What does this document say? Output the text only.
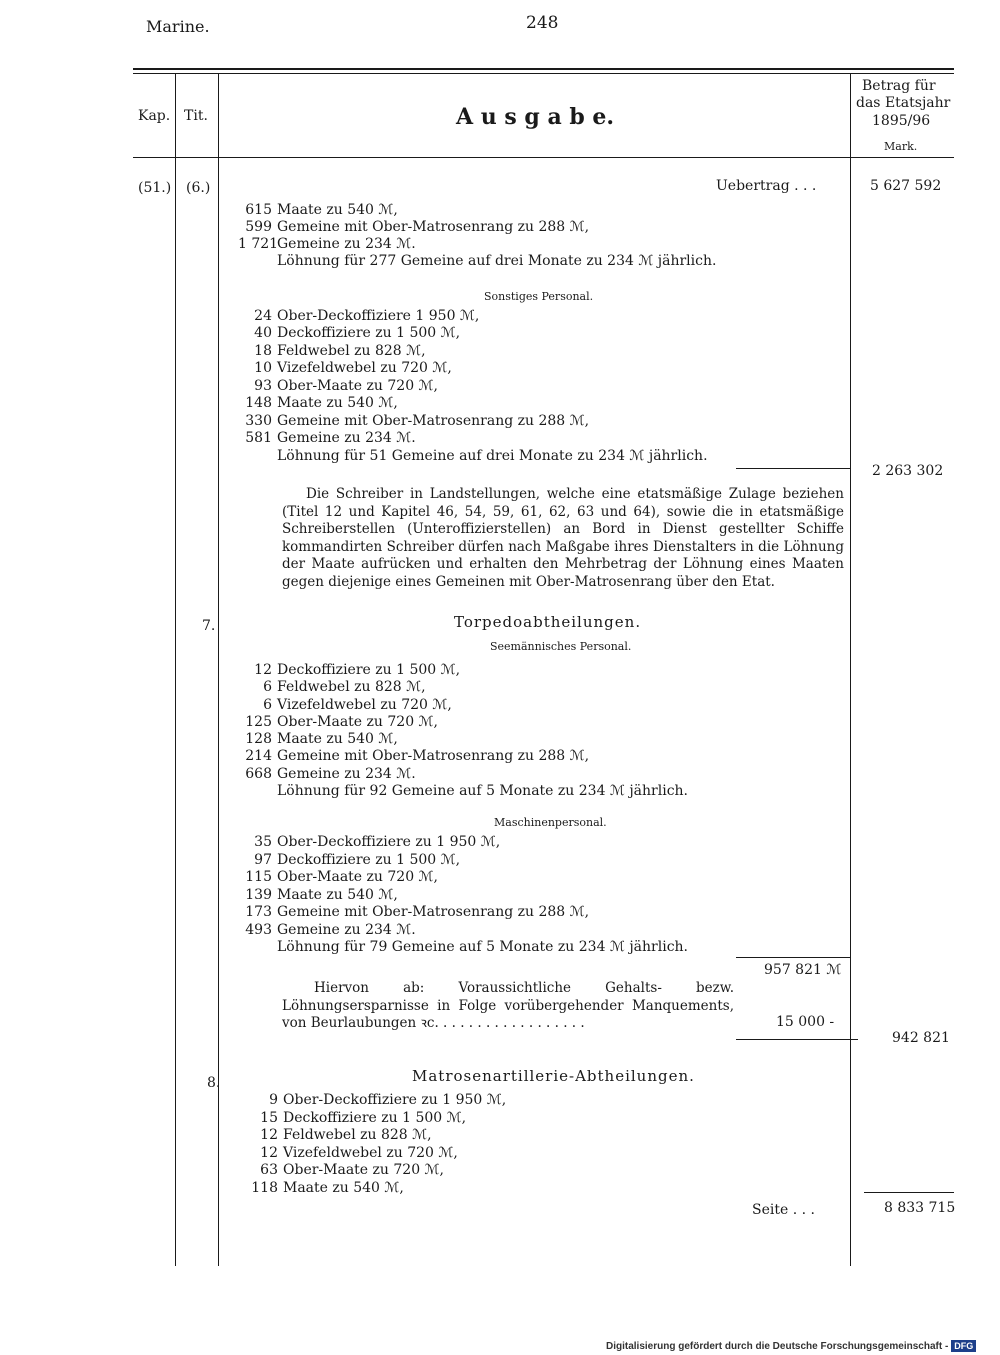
Marine.	248
Kap. Tit.	A u s g a b e.
Betrag für
das Etatsjahr
1895/96
Mark.
(51.) (6.)	Uebertrag . . .	5 627 592
615 Maate zu 540 ℳ,
599 Gemeine mit Ober-Matrosenrang zu 288 ℳ,
1 721Gemeine zu 234 ℳ.
Löhnung für 277 Gemeine auf drei Monate zu 234 ℳ jährlich.
Sonstiges Personal.
24 Ober-Deckoffiziere 1 950 ℳ,
40 Deckoffiziere zu 1 500 ℳ,
18 Feldwebel zu 828 ℳ,
10 Vizefeldwebel zu 720 ℳ,
93 Ober-Maate zu 720 ℳ,
148 Maate zu 540 ℳ,
330 Gemeine mit Ober-Matrosenrang zu 288 ℳ,
581 Gemeine zu 234 ℳ.
Löhnung für 51 Gemeine auf drei Monate zu 234 ℳ jährlich.
2 263 302
Die Schreiber in Landstellungen, welche eine etatsmäßige Zulage beziehen (Titel 12 und Kapitel 46, 54, 59, 61, 62, 63 und 64), sowie die in etatsmäßige Schreiberstellen (Unteroffizierstellen) an Bord in Dienst gestellter Schiffe kommandirten Schreiber dürfen nach Maßgabe ihres Dienstalters in die Löhnung der Maate aufrücken und erhalten den Mehrbetrag der Löhnung eines Maaten gegen diejenige eines Gemeinen mit Ober-Matrosenrang über den Etat.
7.	Torpedoabtheilungen.
Seemännisches Personal.
12 Deckoffiziere zu 1 500 ℳ,
6 Feldwebel zu 828 ℳ,
6 Vizefeldwebel zu 720 ℳ,
125 Ober-Maate zu 720 ℳ,
128 Maate zu 540 ℳ,
214 Gemeine mit Ober-Matrosenrang zu 288 ℳ,
668 Gemeine zu 234 ℳ.
Löhnung für 92 Gemeine auf 5 Monate zu 234 ℳ jährlich.
Maschinenpersonal.
35 Ober-Deckoffiziere zu 1 950 ℳ,
97 Deckoffiziere zu 1 500 ℳ,
115 Ober-Maate zu 720 ℳ,
139 Maate zu 540 ℳ,
173 Gemeine mit Ober-Matrosenrang zu 288 ℳ,
493 Gemeine zu 234 ℳ.
Löhnung für 79 Gemeine auf 5 Monate zu 234 ℳ jährlich.
957 821 ℳ
Hiervon ab: Voraussichtliche Gehalts- bezw. Löhnungsersparnisse in Folge vorübergehender Manquements, von Beurlaubungen ꝛc. . . . . . . . . . . . . . . . . .	15 000 -
942 821
8.	Matrosenartillerie-Abtheilungen.
9 Ober-Deckoffiziere zu 1 950 ℳ,
15 Deckoffiziere zu 1 500 ℳ,
12 Feldwebel zu 828 ℳ,
12 Vizefeldwebel zu 720 ℳ,
63 Ober-Maate zu 720 ℳ,
118 Maate zu 540 ℳ,
Seite . . .	8 833 715
Digitalisierung gefördert durch die Deutsche Forschungsgemeinschaft - DFG
